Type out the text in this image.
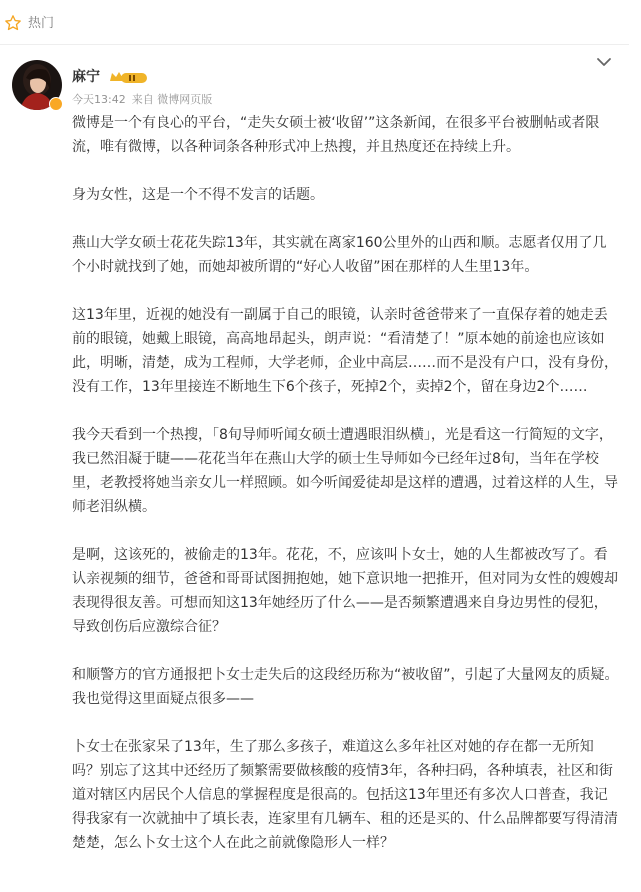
热门
麻宁
今天13:42 来自 微博网页版

微博是一个有良心的平台，“走失女硕士被‘收留’”这条新闻，在很多平台被删帖或者限流，唯有微博，以各种词条各种形式冲上热搜，并且热度还在持续上升。

身为女性，这是一个不得不发言的话题。

燕山大学女硕士花花失踪13年，其实就在离家160公里外的山西和顺。志愿者仅用了几个小时就找到了她，而她却被所谓的“好心人收留”困在那样的人生里13年。

这13年里，近视的她没有一副属于自己的眼镜，认亲时爸爸带来了一直保存着的她走丢前的眼镜，她戴上眼镜，高高地昂起头，朗声说：“看清楚了！”原本她的前途也应该如此，明晰，清楚，成为工程师，大学老师，企业中高层……而不是没有户口，没有身份，没有工作，13年里接连不断地生下6个孩子，死掉2个，卖掉2个，留在身边2个……

我今天看到一个热搜，「8旬导师听闻女硕士遭遇眼泪纵横」，光是看这一行简短的文字，我已然泪凝于睫——花花当年在燕山大学的硕士生导师如今已经年过8旬，当年在学校里，老教授将她当亲女儿一样照顾。如今听闻爱徒却是这样的遭遇，过着这样的人生，导师老泪纵横。

是啊，这该死的，被偷走的13年。花花，不，应该叫卜女士，她的人生都被改写了。看认亲视频的细节，爸爸和哥哥试图拥抱她，她下意识地一把推开，但对同为女性的嫂嫂却表现得很友善。可想而知这13年她经历了什么——是否频繁遭遇来自身边男性的侵犯，导致创伤后应激综合征？

和顺警方的官方通报把卜女士走失后的这段经历称为“被收留”，引起了大量网友的质疑。我也觉得这里面疑点很多——

卜女士在张家呆了13年，生了那么多孩子，难道这么多年社区对她的存在都一无所知吗？别忘了这其中还经历了频繁需要做核酸的疫情3年，各种扫码，各种填表，社区和街道对辖区内居民个人信息的掌握程度是很高的。包括这13年里还有多次人口普查，我记得我家有一次就抽中了填长表，连家里有几辆车、租的还是买的、什么品牌都要写得清清楚楚，怎么卜女士这个人在此之前就像隐形人一样？
